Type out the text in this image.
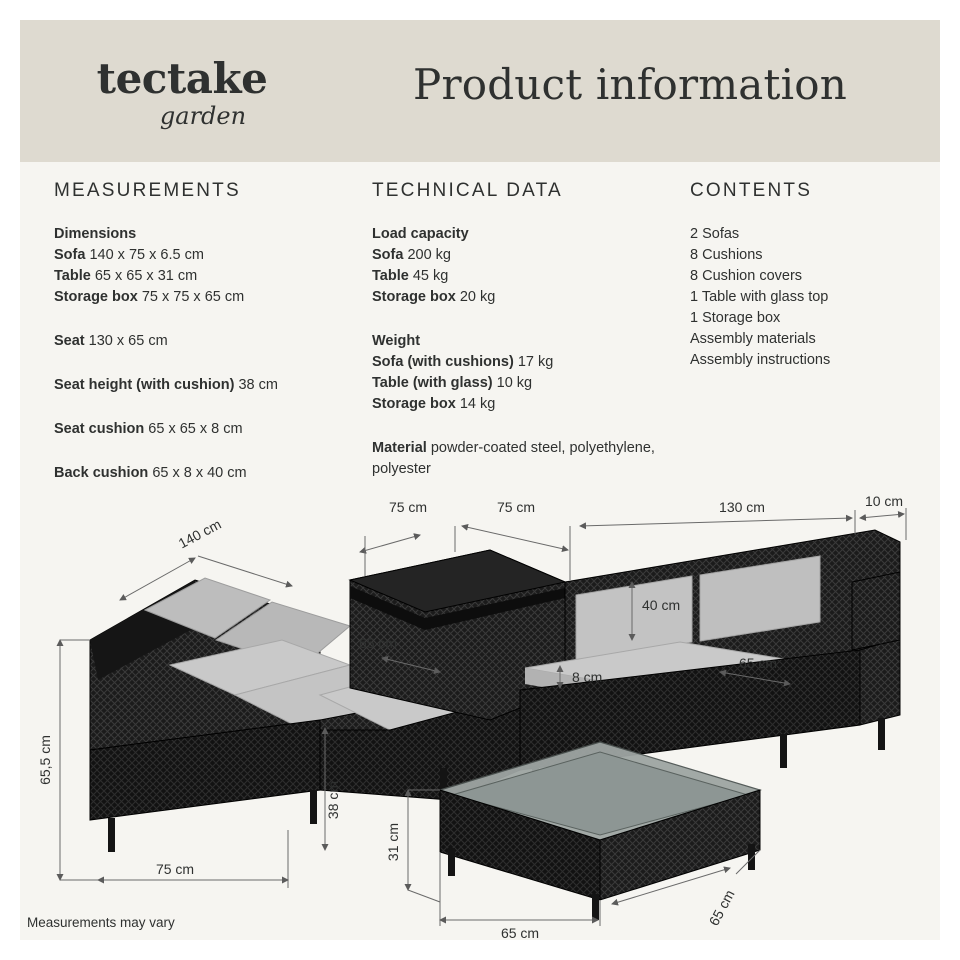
tectake
garden
Product information
MEASUREMENTS
Dimensions
Sofa 140 x 75 x 6.5 cm
Table 65 x 65 x 31 cm
Storage box 75 x 75 x 65 cm
Seat 130 x 65 cm
Seat height (with cushion) 38 cm
Seat cushion 65 x 65 x 8 cm
Back cushion 65 x 8 x 40 cm
TECHNICAL DATA
Load capacity
Sofa 200 kg
Table 45 kg
Storage box 20 kg
Weight
Sofa (with cushions) 17 kg
Table (with glass) 10 kg
Storage box 14 kg
Material powder-coated steel, polyethylene, polyester
CONTENTS
2 Sofas
8 Cushions
8 Cushion covers
1 Table with glass top
1 Storage box
Assembly materials
Assembly instructions
140 cm
75 cm	75 cm	130 cm	10 cm
40 cm
65 cm
8 cm
65 cm
65,5 cm
38 cm
75 cm
31 cm
65 cm
65 cm
Measurements may vary
